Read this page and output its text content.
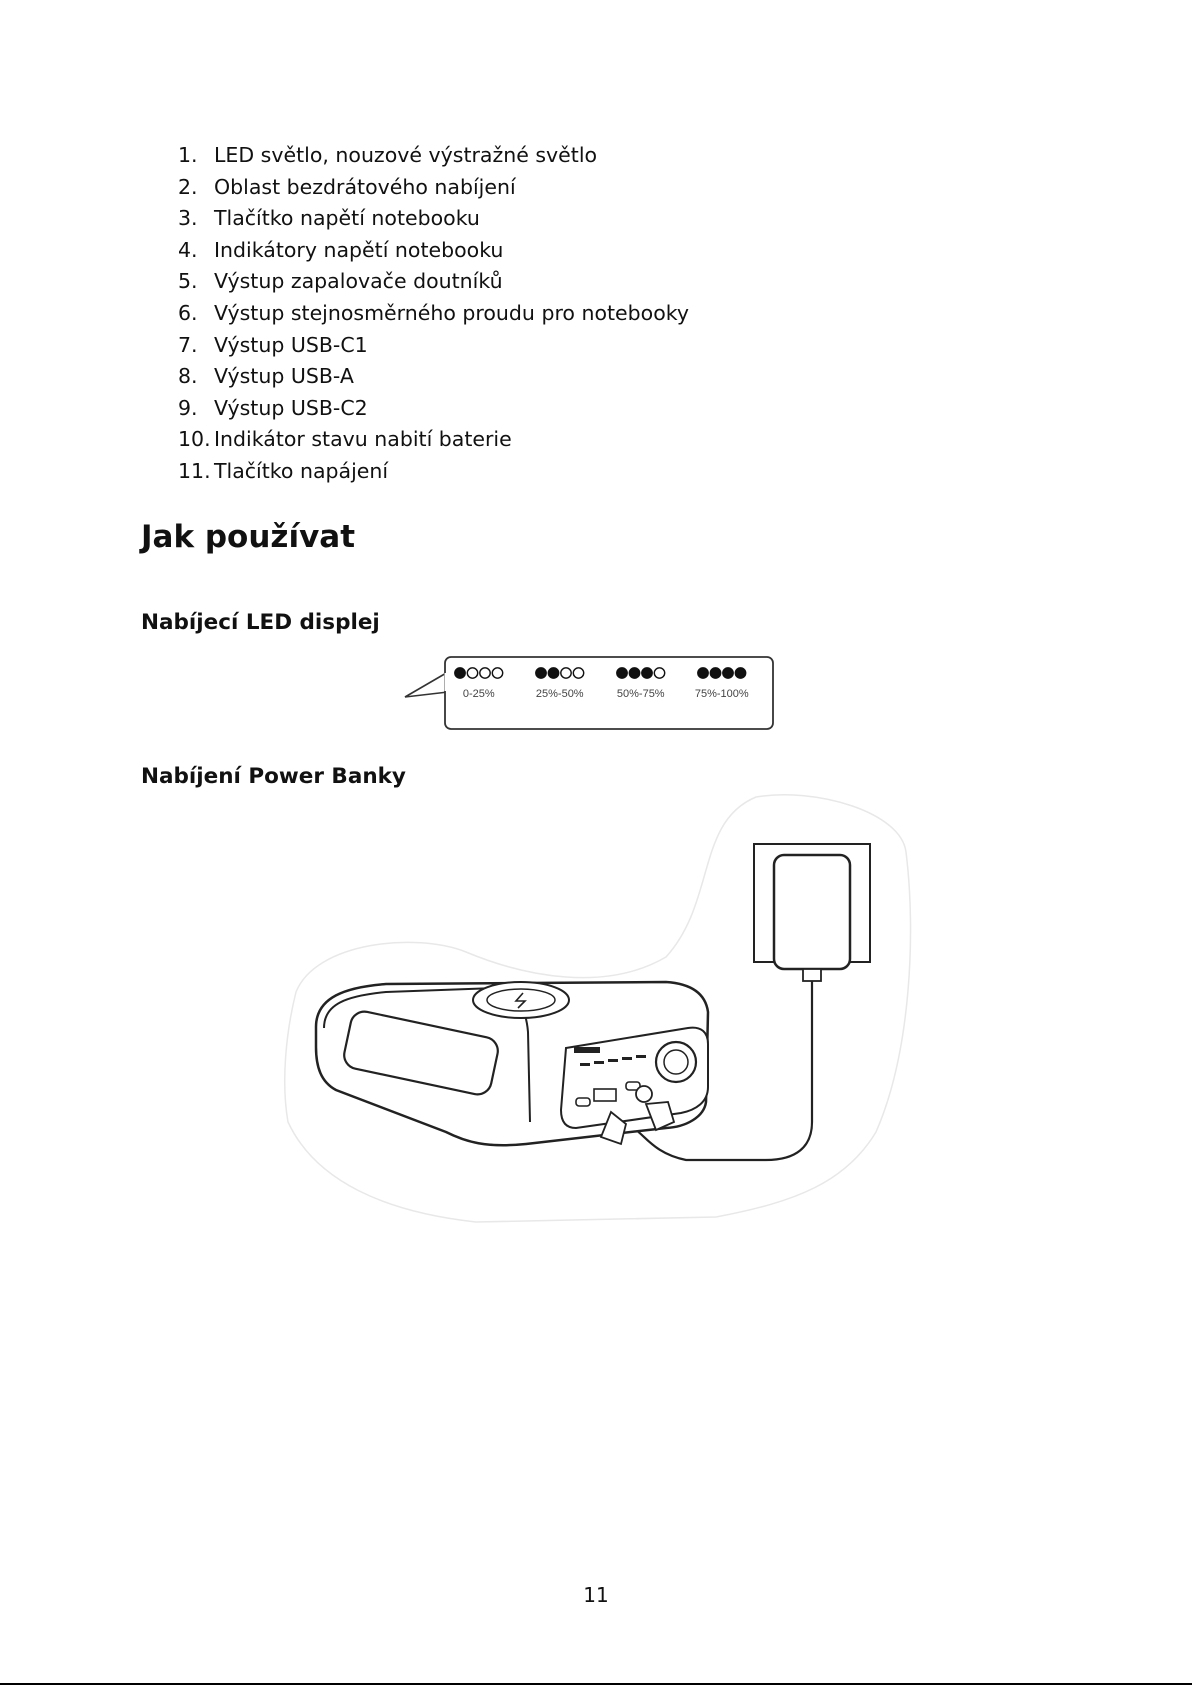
1. LED světlo, nouzové výstražné světlo
2. Oblast bezdrátového nabíjení
3. Tlačítko napětí notebooku
4. Indikátory napětí notebooku
5. Výstup zapalovače doutníků
6. Výstup stejnosměrného proudu pro notebooky
7. Výstup USB-C1
8. Výstup USB-A
9. Výstup USB-C2
10. Indikátor stavu nabití baterie
11. Tlačítko napájení
Jak používat
Nabíjecí LED displej
0-25%	25%-50%	50%-75%	75%-100%
Nabíjení Power Banky
11
